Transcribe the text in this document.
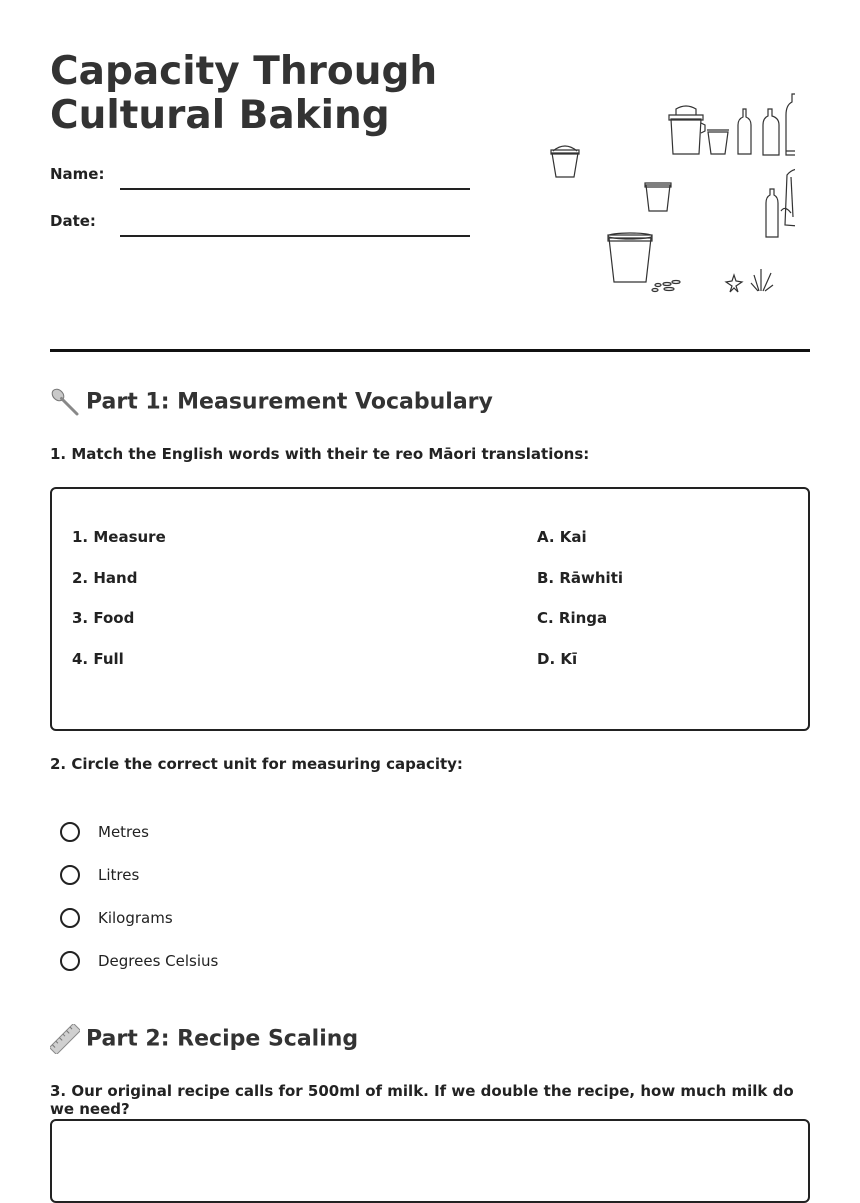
Capacity Through Cultural Baking
Name:
Date:
Part 1: Measurement Vocabulary
1. Match the English words with their te reo Māori translations:
1. Measure
2. Hand
3. Food
4. Full
A. Kai
B. Rāwhiti
C. Ringa
D. Kī
2. Circle the correct unit for measuring capacity:
Metres
Litres
Kilograms
Degrees Celsius
Part 2: Recipe Scaling
3. Our original recipe calls for 500ml of milk. If we double the recipe, how much milk do we need?
